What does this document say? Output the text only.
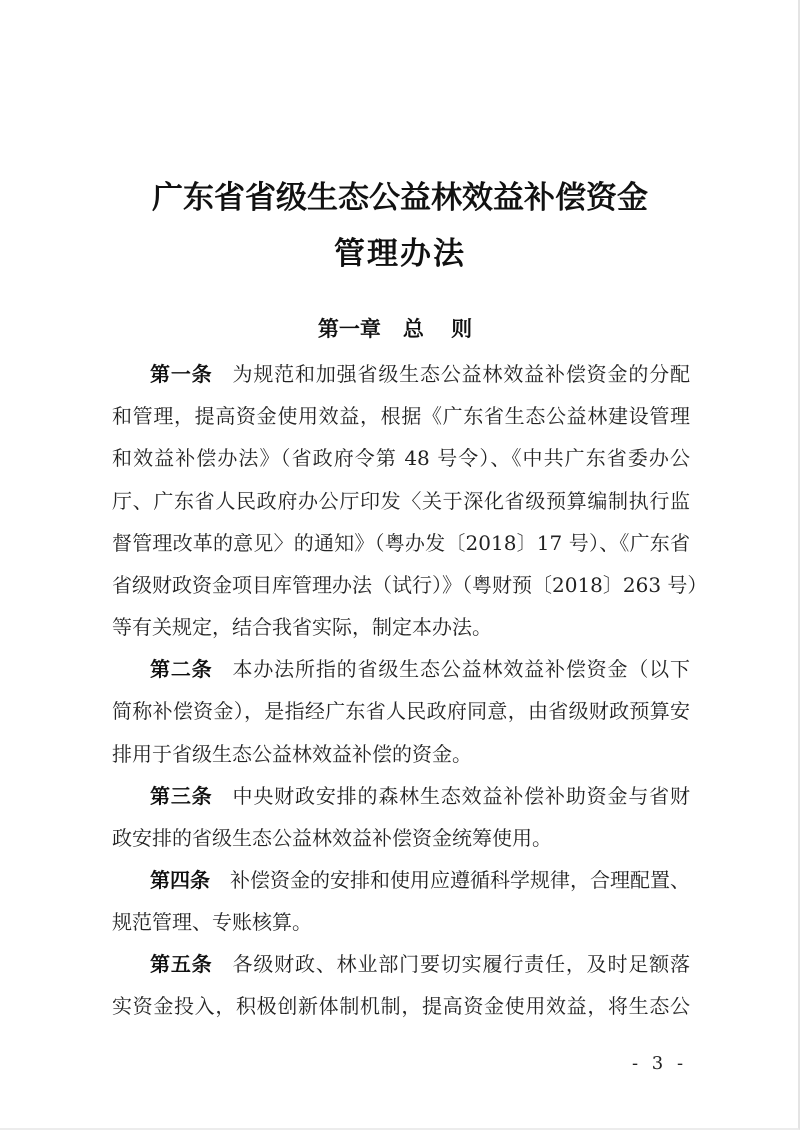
广东省省级生态公益林效益补偿资金
管理办法
第一章 总 则
第一条 为规范和加强省级生态公益林效益补偿资金的分配
和管理，提高资金使用效益，根据《广东省生态公益林建设管理
和效益补偿办法》（省政府令第 48 号令）、《中共广东省委办公
厅、广东省人民政府办公厅印发〈关于深化省级预算编制执行监
督管理改革的意见〉的通知》（粤办发〔2018〕17 号）、《广东省
省级财政资金项目库管理办法（试行）》（粤财预〔2018〕263 号）
等有关规定，结合我省实际，制定本办法。
第二条 本办法所指的省级生态公益林效益补偿资金（以下
简称补偿资金），是指经广东省人民政府同意，由省级财政预算安
排用于省级生态公益林效益补偿的资金。
第三条 中央财政安排的森林生态效益补偿补助资金与省财
政安排的省级生态公益林效益补偿资金统筹使用。
第四条 补偿资金的安排和使用应遵循科学规律，合理配置、
规范管理、专账核算。
第五条 各级财政、林业部门要切实履行责任，及时足额落
实资金投入，积极创新体制机制，提高资金使用效益，将生态公
- 3 -
